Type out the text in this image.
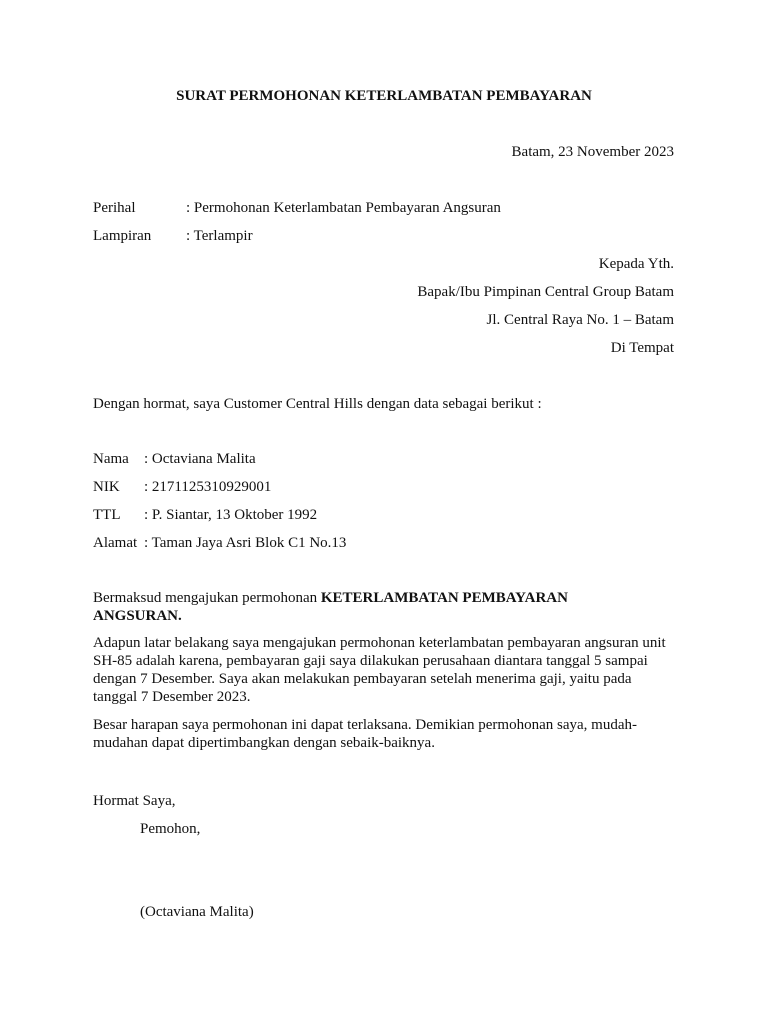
SURAT PERMOHONAN KETERLAMBATAN PEMBAYARAN
Batam, 23 November 2023
Perihal	: Permohonan Keterlambatan Pembayaran Angsuran
Lampiran : Terlampir
Kepada Yth.
Bapak/Ibu Pimpinan Central Group Batam
Jl. Central Raya No. 1 – Batam
Di Tempat
Dengan hormat, saya Customer Central Hills dengan data sebagai berikut :
Nama : Octaviana Malita
NIK : 2171125310929001
TTL : P. Siantar, 13 Oktober 1992
Alamat : Taman Jaya Asri Blok C1 No.13
Bermaksud mengajukan permohonan KETERLAMBATAN PEMBAYARAN ANGSURAN.
Adapun latar belakang saya mengajukan permohonan keterlambatan pembayaran angsuran unit SH-85 adalah karena, pembayaran gaji saya dilakukan perusahaan diantara tanggal 5 sampai dengan 7 Desember. Saya akan melakukan pembayaran setelah menerima gaji, yaitu pada tanggal 7 Desember 2023.
Besar harapan saya permohonan ini dapat terlaksana. Demikian permohonan saya, mudah-mudahan dapat dipertimbangkan dengan sebaik-baiknya.
Hormat Saya,
Pemohon,
(Octaviana Malita)
